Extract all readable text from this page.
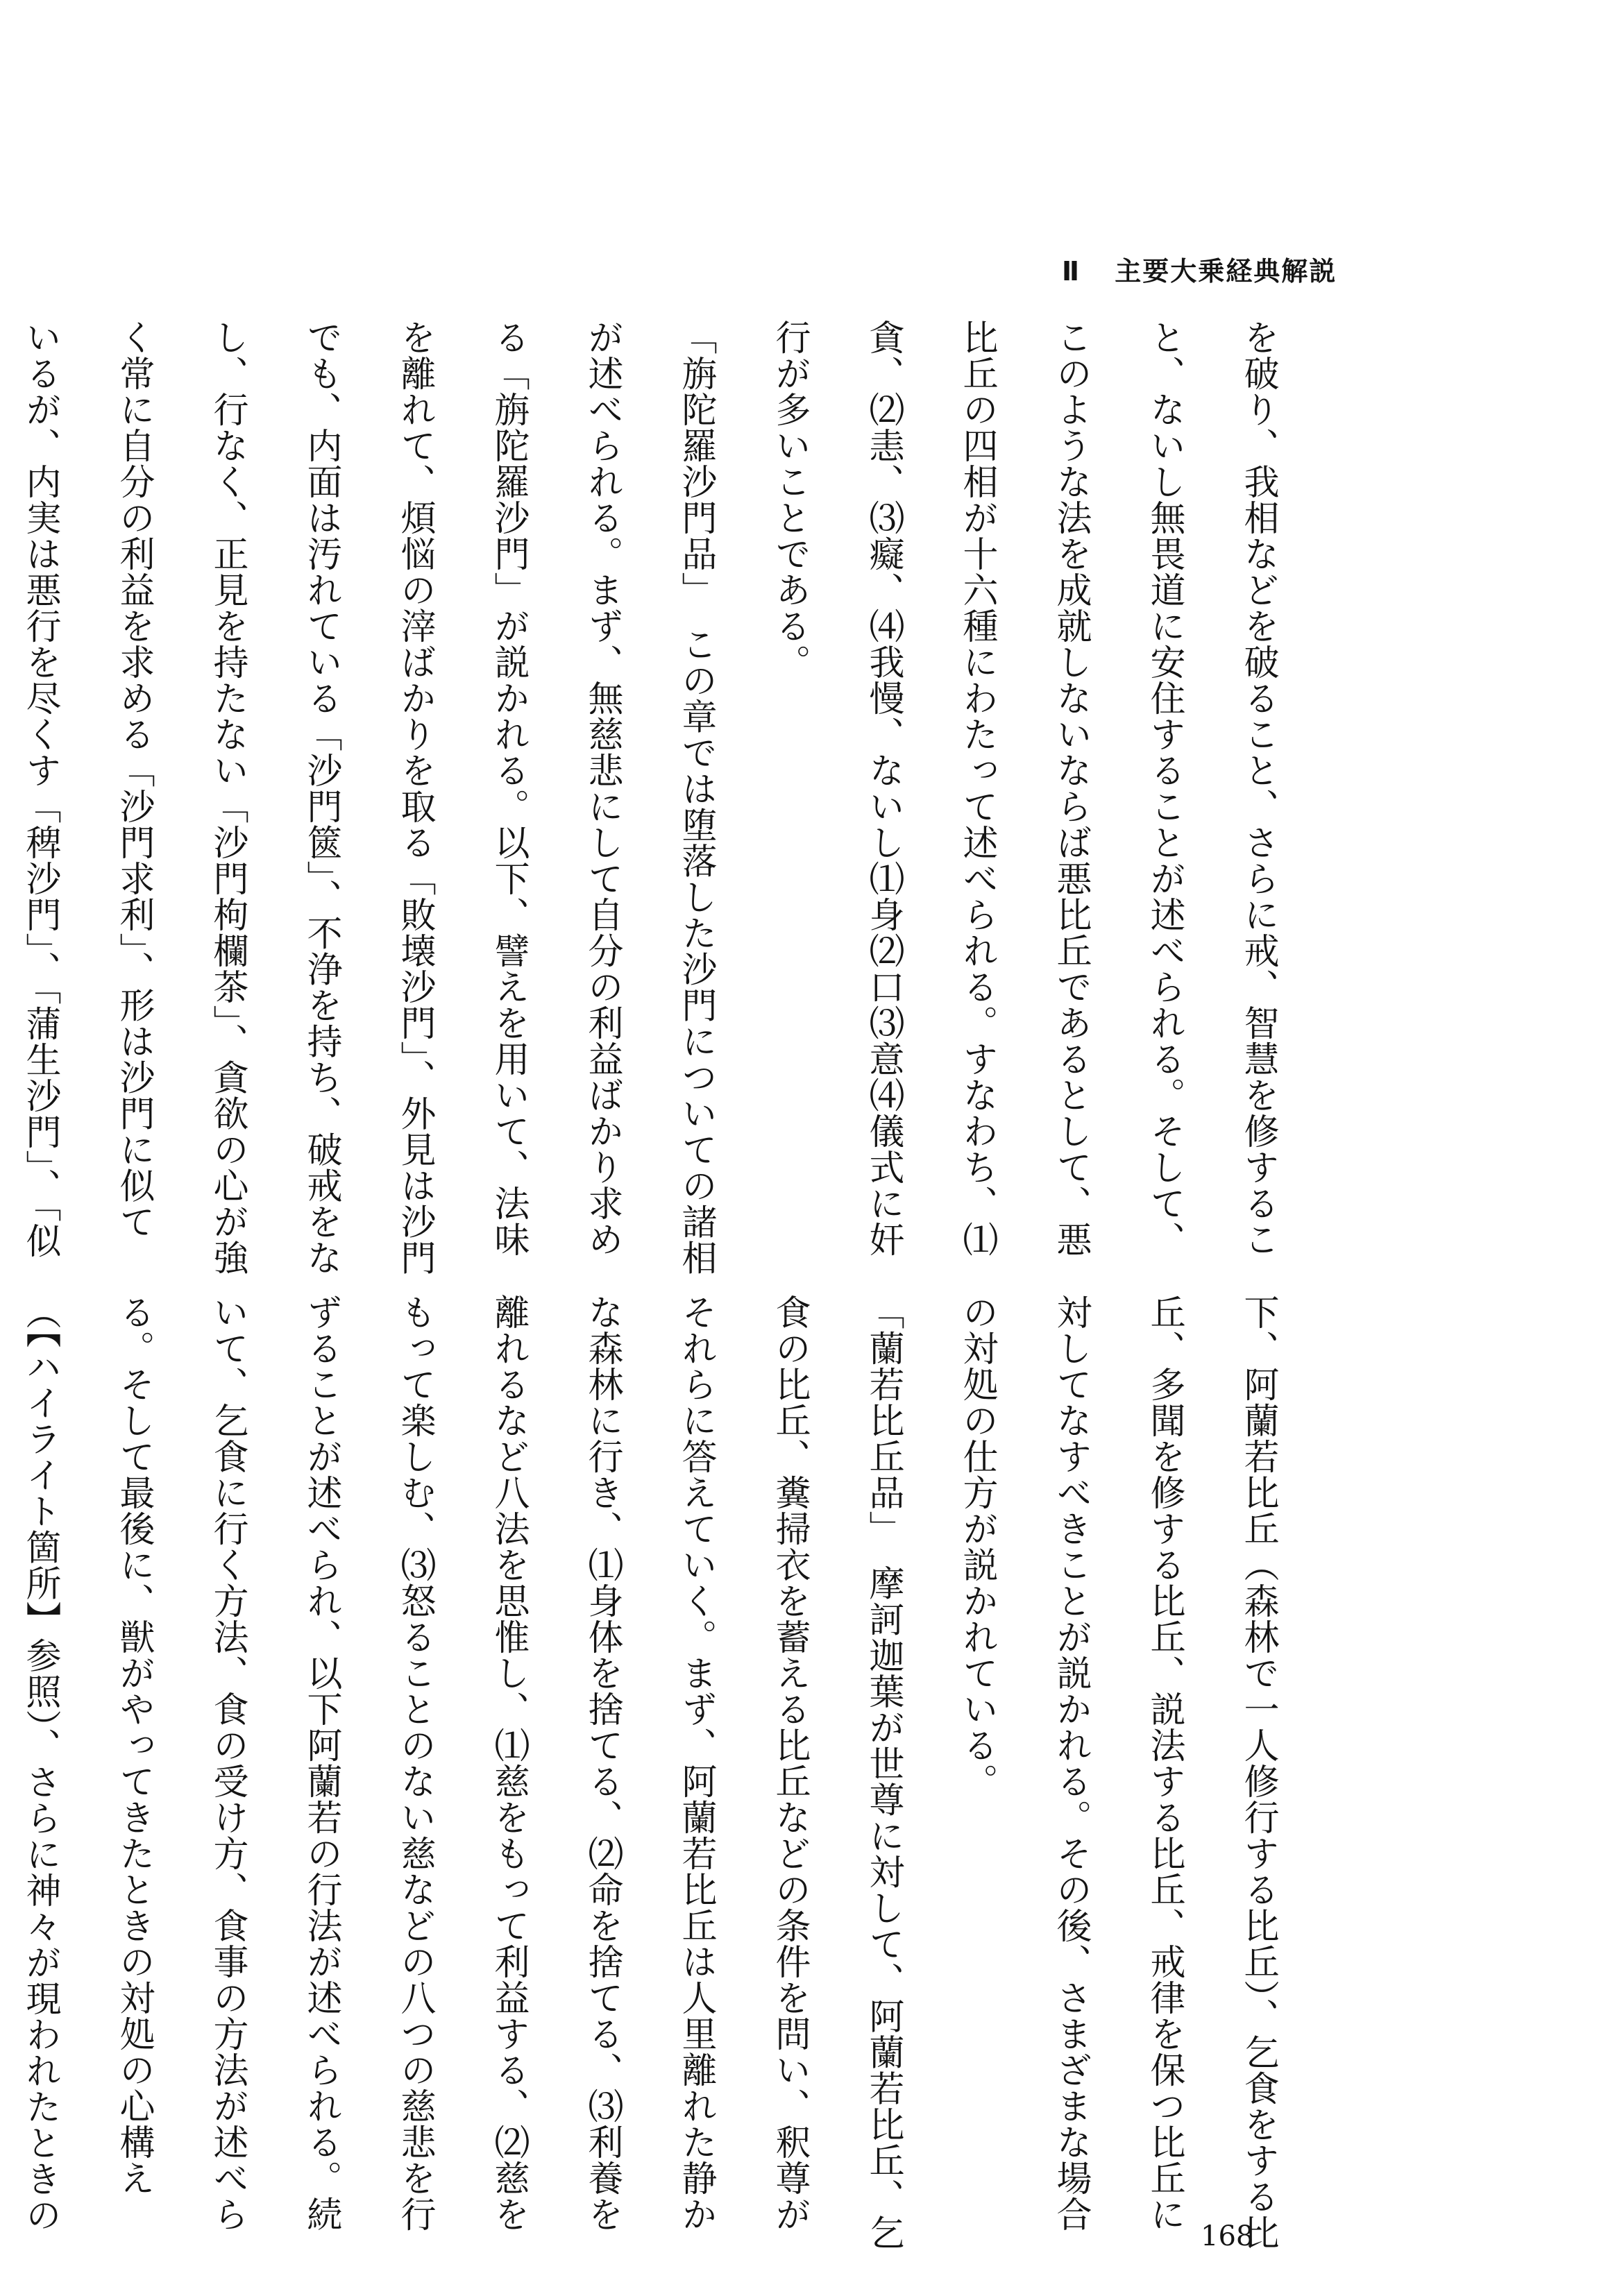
Ⅱ 主要大乗経典解説
を破り、我相などを破ること、さらに戒、智慧を修するこ
と、ないし無畏道に安住することが述べられる。そして、
このような法を成就しないならば悪比丘であるとして、悪
比丘の四相が十六種にわたって述べられる。すなわち、⑴
貪、⑵恚、⑶癡、⑷我慢、ないし⑴身⑵口⑶意⑷儀式に奸
行が多いことである。
「旃陀羅沙門品」　この章では堕落した沙門についての諸相
が述べられる。まず、無慈悲にして自分の利益ばかり求め
る「旃陀羅沙門」が説かれる。以下、譬えを用いて、法味
を離れて、煩悩の滓ばかりを取る「敗壊沙門」、外見は沙門
でも、内面は汚れている「沙門篋」、不浄を持ち、破戒をな
し、行なく、正見を持たない「沙門枸欄茶」、貪欲の心が強
く常に自分の利益を求める「沙門求利」、形は沙門に似て
いるが、内実は悪行を尽くす「稗沙門」、「蒲生沙門」、「似
下、阿蘭若比丘（森林で一人修行する比丘）、乞食をする比
丘、多聞を修する比丘、説法する比丘、戒律を保つ比丘に
対してなすべきことが説かれる。その後、さまざまな場合
の対処の仕方が説かれている。
「蘭若比丘品」　摩訶迦葉が世尊に対して、阿蘭若比丘、乞
食の比丘、糞掃衣を蓄える比丘などの条件を問い、釈尊が
それらに答えていく。まず、阿蘭若比丘は人里離れた静か
な森林に行き、⑴身体を捨てる、⑵命を捨てる、⑶利養を
離れるなど八法を思惟し、⑴慈をもって利益する、⑵慈を
もって楽しむ、⑶怒ることのない慈などの八つの慈悲を行
ずることが述べられ、以下阿蘭若の行法が述べられる。続
いて、乞食に行く方法、食の受け方、食事の方法が述べら
る。そして最後に、獣がやってきたときの対処の心構え
（【ハイライト箇所】参照）、さらに神々が現われたときの
168
